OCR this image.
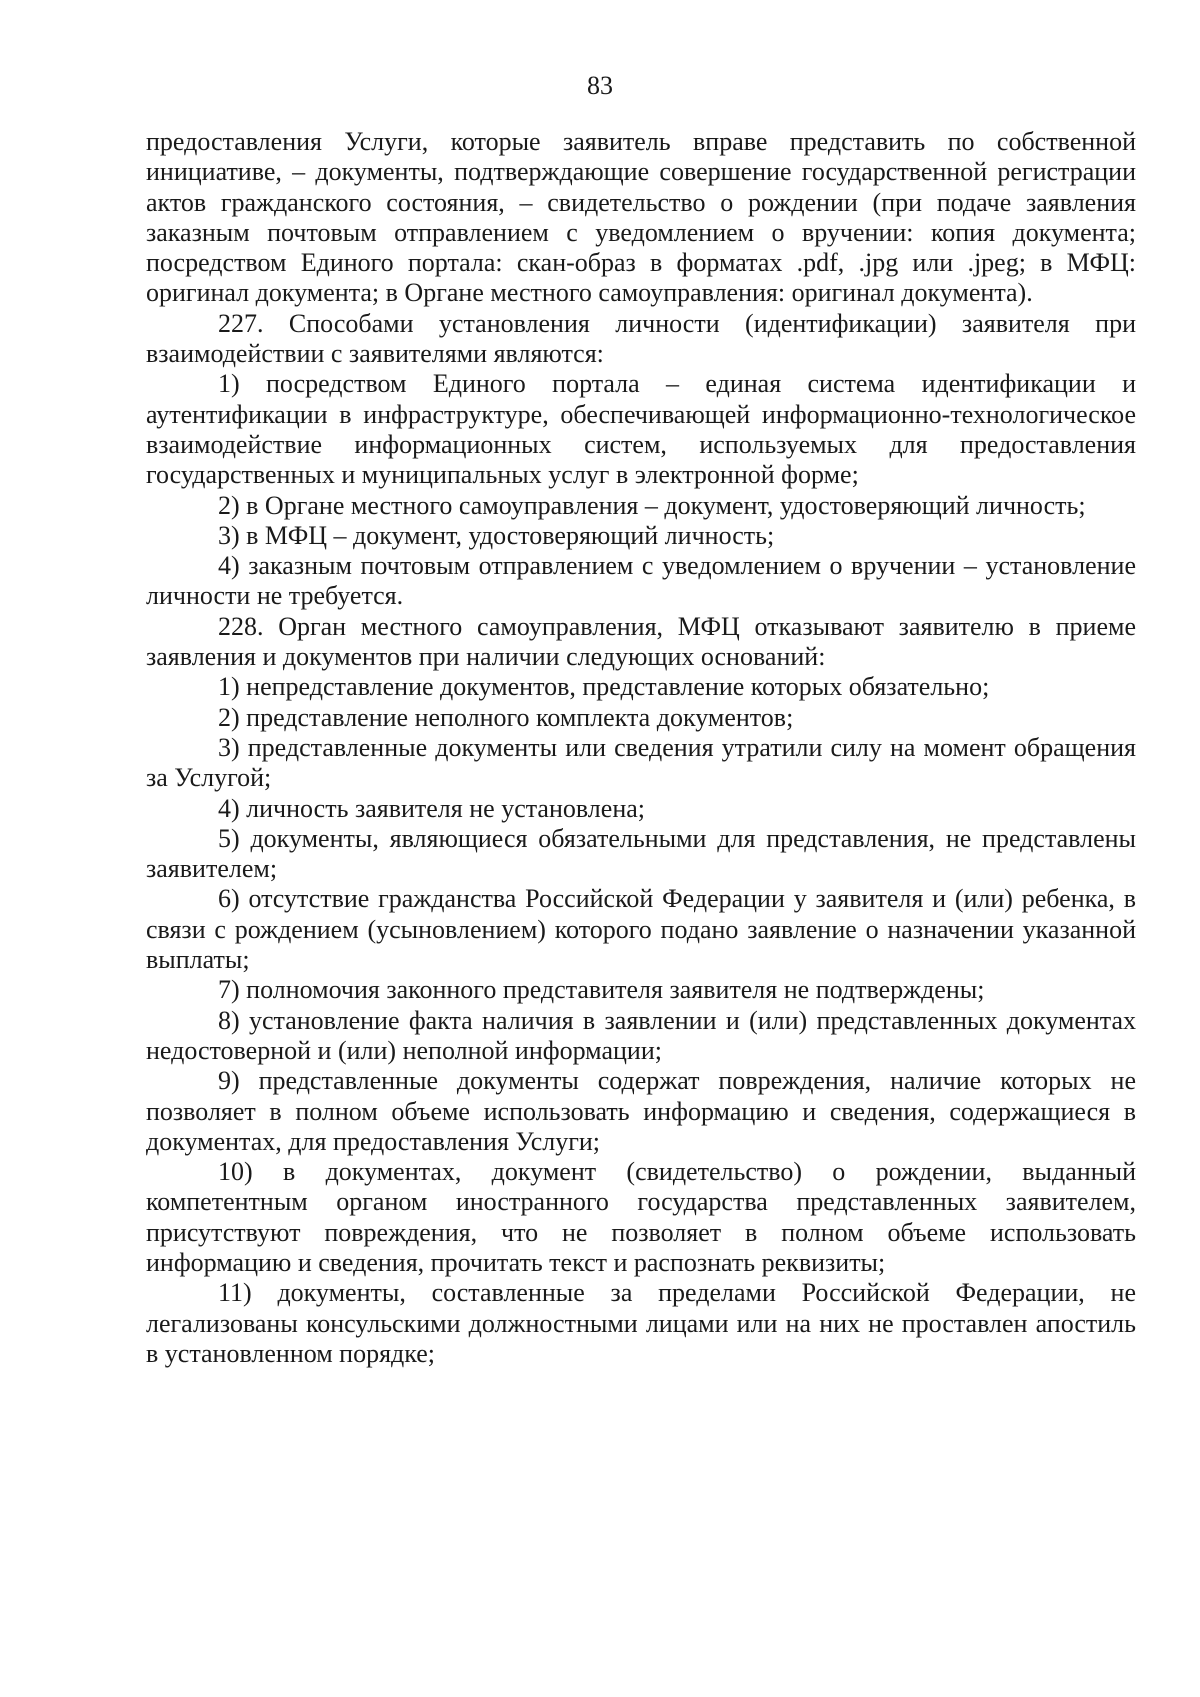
83

предоставления Услуги, которые заявитель вправе представить по собственной инициативе, – документы, подтверждающие совершение государственной регистрации актов гражданского состояния, – свидетельство о рождении (при подаче заявления заказным почтовым отправлением с уведомлением о вручении: копия документа; посредством Единого портала: скан-образ в форматах .pdf, .jpg или .jpeg; в МФЦ: оригинал документа; в Органе местного самоуправления: оригинал документа).

227. Способами установления личности (идентификации) заявителя при взаимодействии с заявителями являются:

1) посредством Единого портала – единая система идентификации и аутентификации в инфраструктуре, обеспечивающей информационно-технологическое взаимодействие информационных систем, используемых для предоставления государственных и муниципальных услуг в электронной форме;

2) в Органе местного самоуправления – документ, удостоверяющий личность;

3) в МФЦ – документ, удостоверяющий личность;

4) заказным почтовым отправлением с уведомлением о вручении – установление личности не требуется.

228. Орган местного самоуправления, МФЦ отказывают заявителю в приеме заявления и документов при наличии следующих оснований:

1) непредставление документов, представление которых обязательно;

2) представление неполного комплекта документов;

3) представленные документы или сведения утратили силу на момент обращения за Услугой;

4) личность заявителя не установлена;

5) документы, являющиеся обязательными для представления, не представлены заявителем;

6) отсутствие гражданства Российской Федерации у заявителя и (или) ребенка, в связи с рождением (усыновлением) которого подано заявление о назначении указанной выплаты;

7) полномочия законного представителя заявителя не подтверждены;

8) установление факта наличия в заявлении и (или) представленных документах недостоверной и (или) неполной информации;

9) представленные документы содержат повреждения, наличие которых не позволяет в полном объеме использовать информацию и сведения, содержащиеся в документах, для предоставления Услуги;

10) в документах, документ (свидетельство) о рождении, выданный компетентным органом иностранного государства представленных заявителем, присутствуют повреждения, что не позволяет в полном объеме использовать информацию и сведения, прочитать текст и распознать реквизиты;

11) документы, составленные за пределами Российской Федерации, не легализованы консульскими должностными лицами или на них не проставлен апостиль в установленном порядке;
